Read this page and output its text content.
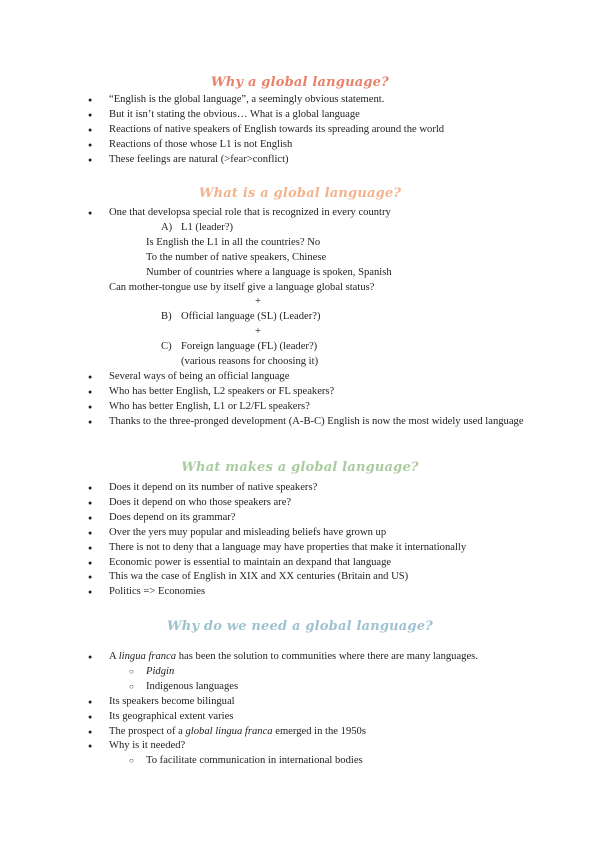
Why a global language?
● “English is the global language”, a seemingly obvious statement.
● But it isn’t stating the obvious… What is a global language
● Reactions of native speakers of English towards its spreading around the world
● Reactions of those whose L1 is not English
● These feelings are natural (>fear>conflict)
What is a global language?
● One that developsa special role that is recognized in every country
A) L1 (leader?)
Is English the L1 in all the countries? No
To the number of native speakers, Chinese
Number of countries where a language is spoken, Spanish
Can mother-tongue use by itself give a language global status?
+
B) Official language (SL) (Leader?)
+
C) Foreign language (FL) (leader?)
(various reasons for choosing it)
● Several ways of being an official language
● Who has better English, L2 speakers or FL speakers?
● Who has better English, L1 or L2/FL speakers?
● Thanks to the three-pronged development (A-B-C) English is now the most widely used language
What makes a global language?
● Does it depend on its number of native speakers?
● Does it depend on who those speakers are?
● Does depend on its grammar?
● Over the yers muy popular and misleading beliefs have grown up
● There is not to deny that a language may have properties that make it internationally
● Economic power is essential to maintain an dexpand that language
● This wa the case of English in XIX and XX centuries (Britain and US)
● Politics => Economies
Why do we need a global language?
● A lingua franca has been the solution to communities where there are many languages.
○ Pidgin
○ Indigenous languages
● Its speakers become bilingual
● Its geographical extent varies
● The prospect of a global lingua franca emerged in the 1950s
● Why is it needed?
○ To facilitate communication in international bodies
